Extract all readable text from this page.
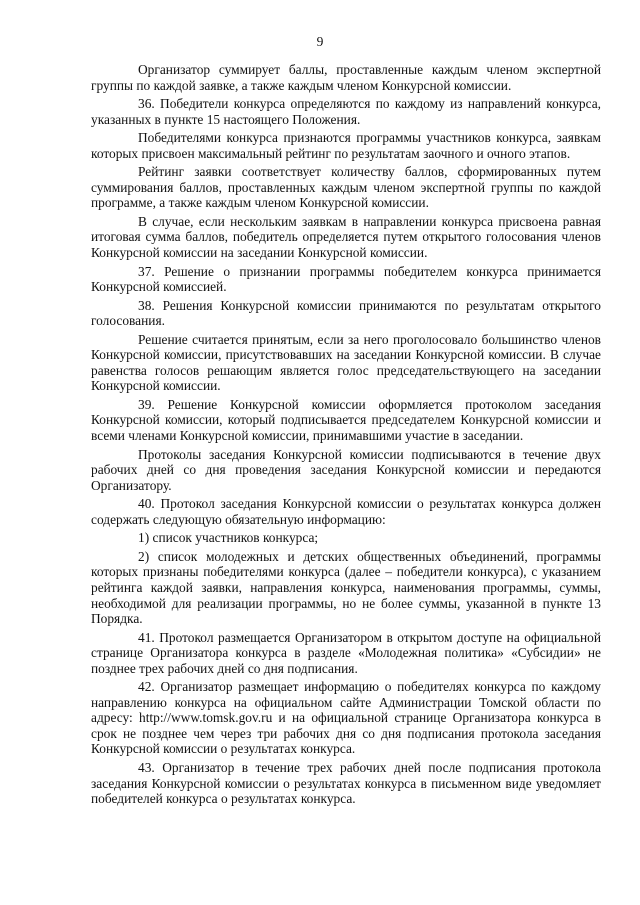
9

Организатор суммирует баллы, проставленные каждым членом экспертной группы по каждой заявке, а также каждым членом Конкурсной комиссии.

36. Победители конкурса определяются по каждому из направлений конкурса, указанных в пункте 15 настоящего Положения.

Победителями конкурса признаются программы участников конкурса, заявкам которых присвоен максимальный рейтинг по результатам заочного и очного этапов.

Рейтинг заявки соответствует количеству баллов, сформированных путем суммирования баллов, проставленных каждым членом экспертной группы по каждой программе, а также каждым членом Конкурсной комиссии.

В случае, если нескольким заявкам в направлении конкурса присвоена равная итоговая сумма баллов, победитель определяется путем открытого голосования членов Конкурсной комиссии на заседании Конкурсной комиссии.

37. Решение о признании программы победителем конкурса принимается Конкурсной комиссией.

38. Решения Конкурсной комиссии принимаются по результатам открытого голосования.

Решение считается принятым, если за него проголосовало большинство членов Конкурсной комиссии, присутствовавших на заседании Конкурсной комиссии. В случае равенства голосов решающим является голос председательствующего на заседании Конкурсной комиссии.

39. Решение Конкурсной комиссии оформляется протоколом заседания Конкурсной комиссии, который подписывается председателем Конкурсной комиссии и всеми членами Конкурсной комиссии, принимавшими участие в заседании.

Протоколы заседания Конкурсной комиссии подписываются в течение двух рабочих дней со дня проведения заседания Конкурсной комиссии и передаются Организатору.

40. Протокол заседания Конкурсной комиссии о результатах конкурса должен содержать следующую обязательную информацию:

1) список участников конкурса;

2) список молодежных и детских общественных объединений, программы которых признаны победителями конкурса (далее – победители конкурса), с указанием рейтинга каждой заявки, направления конкурса, наименования программы, суммы, необходимой для реализации программы, но не более суммы, указанной в пункте 13 Порядка.

41. Протокол размещается Организатором в открытом доступе на официальной странице Организатора конкурса в разделе «Молодежная политика» «Субсидии» не позднее трех рабочих дней со дня подписания.

42. Организатор размещает информацию о победителях конкурса по каждому направлению конкурса на официальном сайте Администрации Томской области по адресу: http://www.tomsk.gov.ru и на официальной странице Организатора конкурса в срок не позднее чем через три рабочих дня со дня подписания протокола заседания Конкурсной комиссии о результатах конкурса.

43. Организатор в течение трех рабочих дней после подписания протокола заседания Конкурсной комиссии о результатах конкурса в письменном виде уведомляет победителей конкурса о результатах конкурса.
